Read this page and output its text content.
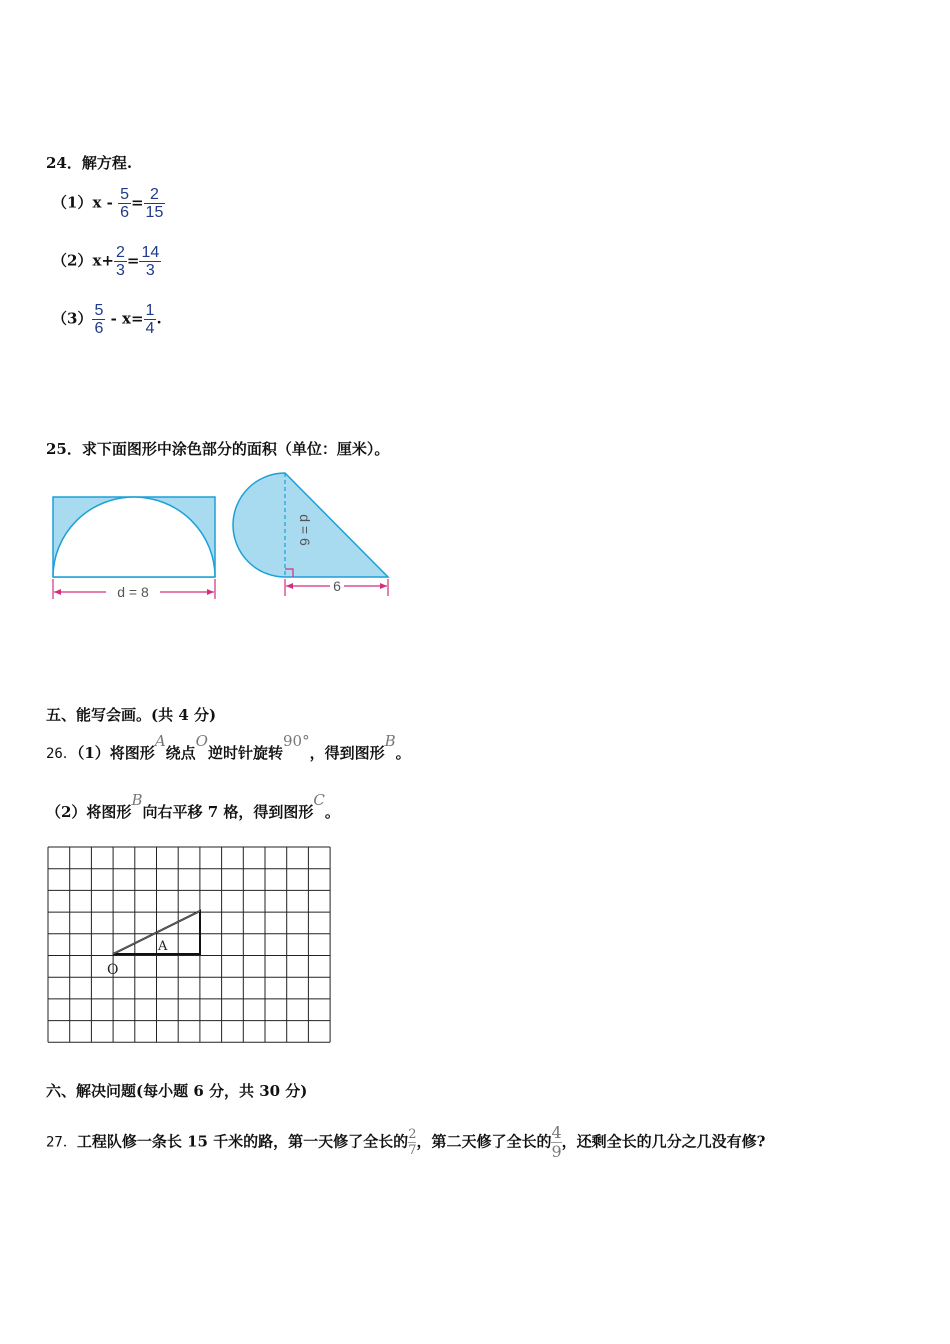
24．解方程.
$(1)x - \frac{5}{6} = \frac{2}{15}$
$(2)x+ \frac{2}{3} = \frac{14}{3}$
$(3) \frac{5}{6} - x= \frac{1}{4}$ .
25．求下面图形中涂色部分的面积（单位：厘米）。
d = 8
d = 6
6
五、能写会画。(共 4 分)
26．（1）将图形A绕点O逆时针旋转90°，得到图形B。
（2）将图形B向右平移 7 格，得到图形C。
A
O
六、解决问题(每小题 6 分，共 30 分)
27．工程队修一条长 15 千米的路，第一天修了全长的 $\frac{2}{7}$ ，第二天修了全长的 $\frac{4}{9}$ ，还剩全长的几分之几没有修?
